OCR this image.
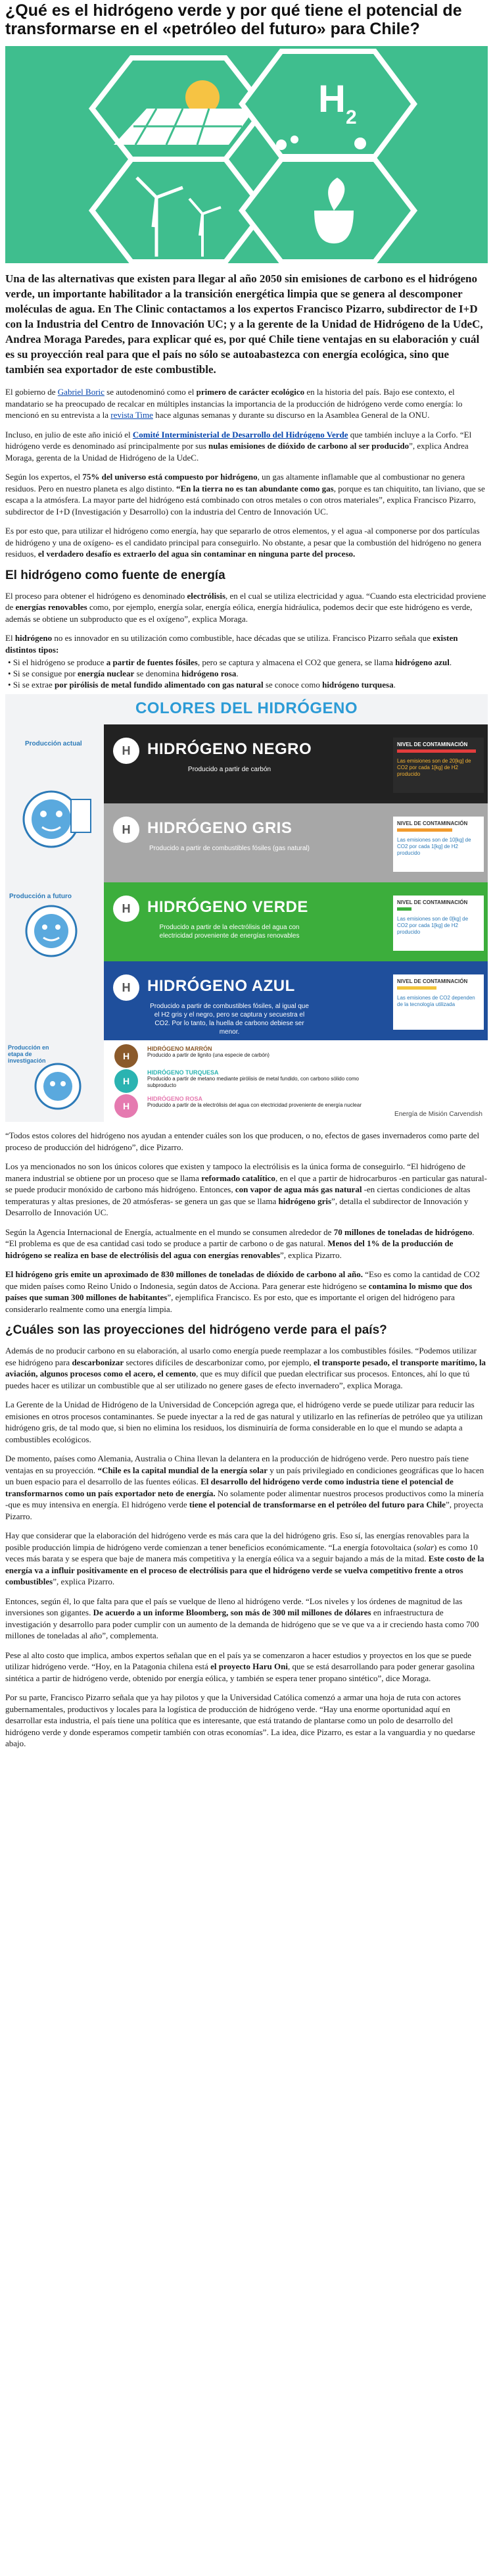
¿Qué es el hidrógeno verde y por qué tiene el potencial de transformarse en el «petróleo del futuro» para Chile?
H 2

Una de las alternativas que existen para llegar al año 2050 sin emisiones de carbono es el hidrógeno verde, un importante habilitador a la transición energética limpia que se genera al descomponer moléculas de agua. En The Clinic contactamos a los expertos Francisco Pizarro, subdirector de I+D con la Industria del Centro de Innovación UC; y a la gerente de la Unidad de Hidrógeno de la UdeC, Andrea Moraga Paredes, para explicar qué es, por qué Chile tiene ventajas en su elaboración y cuál es su proyección real para que el país no sólo se autoabastezca con energía ecológica, sino que también sea exportador de este combustible.

El gobierno de Gabriel Boric se autodenominó como el primero de carácter ecológico en la historia del país. Bajo ese contexto, el mandatario se ha preocupado de recalcar en múltiples instancias la importancia de la producción de hidrógeno verde como energía: lo mencionó en su entrevista a la revista Time hace algunas semanas y durante su discurso en la Asamblea General de la ONU.

Incluso, en julio de este año inició el Comité Interministerial de Desarrollo del Hidrógeno Verde que también incluye a la Corfo. “El hidrógeno verde es denominado así principalmente por sus nulas emisiones de dióxido de carbono al ser producido”, explica Andrea Moraga, gerenta de la Unidad de Hidrógeno de la UdeC.

Según los expertos, el 75% del universo está compuesto por hidrógeno, un gas altamente inflamable que al combustionar no genera residuos. Pero en nuestro planeta es algo distinto. “En la tierra no es tan abundante como gas, porque es tan chiquitito, tan liviano, que se escapa a la atmósfera. La mayor parte del hidrógeno está combinado con otros metales o con otros materiales”, explica Francisco Pizarro, subdirector de I+D (Investigación y Desarrollo) con la industria del Centro de Innovación UC.

Es por esto que, para utilizar el hidrógeno como energía, hay que separarlo de otros elementos, y el agua -al componerse por dos partículas de hidrógeno y una de oxígeno- es el candidato principal para conseguirlo. No obstante, a pesar que la combustión del hidrógeno no genera residuos, el verdadero desafío es extraerlo del agua sin contaminar en ninguna parte del proceso.

El hidrógeno como fuente de energía

El proceso para obtener el hidrógeno es denominado electrólisis, en el cual se utiliza electricidad y agua. “Cuando esta electricidad proviene de energías renovables como, por ejemplo, energía solar, energía eólica, energía hidráulica, podemos decir que este hidrógeno es verde, además se obtiene un subproducto que es el oxígeno”, explica Moraga.

El hidrógeno no es innovador en su utilización como combustible, hace décadas que se utiliza. Francisco Pizarro señala que existen distintos tipos:

• Si el hidrógeno se produce a partir de fuentes fósiles, pero se captura y almacena el CO2 que genera, se llama hidrógeno azul.
• Si se consigue por energía nuclear se denomina hidrógeno rosa.
• Si se extrae por pirólisis de metal fundido alimentado con gas natural se conoce como hidrógeno turquesa.
COLORES DEL HIDRÓGENO
Producción actual
Producción a futuro
Producción en etapa de investigación
H	HIDRÓGENO NEGRO
Producido a partir de carbón
NIVEL DE CONTAMINACIÓN
Las emisiones son de 20[kg] de CO2 por cada 1[kg] de H2 producido
H	HIDRÓGENO GRIS
Producido a partir de combustibles fósiles (gas natural)
NIVEL DE CONTAMINACIÓN
Las emisiones son de 10[kg] de CO2 por cada 1[kg] de H2 producido
H	HIDRÓGENO VERDE
Producido a partir de la electrólisis del agua con electricidad proveniente de energías renovables
NIVEL DE CONTAMINACIÓN
Las emisiones son de 0[kg] de CO2 por cada 1[kg] de H2 producido
H	HIDRÓGENO AZUL
Producido a partir de combustibles fósiles, al igual que el H2 gris y el negro, pero se captura y secuestra el CO2. Por lo tanto, la huella de carbono debiese ser menor.
NIVEL DE CONTAMINACIÓN
Las emisiones de CO2 dependen de la tecnología utilizada
H
HIDRÓGENO MARRÓN
Producido a partir de lignito (una especie de carbón)
H
HIDRÓGENO TURQUESA
Producido a partir de metano mediante pirólisis de metal fundido, con carbono sólido como subproducto
H
HIDRÓGENO ROSA
Producido a partir de la electrólisis del agua con electricidad proveniente de energía nuclear
Energía de Misión Carvendish

“Todos estos colores del hidrógeno nos ayudan a entender cuáles son los que producen, o no, efectos de gases invernaderos como parte del proceso de producción del hidrógeno”, dice Pizarro.

Los ya mencionados no son los únicos colores que existen y tampoco la electrólisis es la única forma de conseguirlo. “El hidrógeno de manera industrial se obtiene por un proceso que se llama reformado catalítico, en el que a partir de hidrocarburos -en particular gas natural- se puede producir monóxido de carbono más hidrógeno. Entonces, con vapor de agua más gas natural -en ciertas condiciones de altas temperaturas y altas presiones, de 20 atmósferas- se genera un gas que se llama hidrógeno gris”, detalla el subdirector de Innovación y Desarrollo de Innovación UC.

Según la Agencia Internacional de Energía, actualmente en el mundo se consumen alrededor de 70 millones de toneladas de hidrógeno. “El problema es que de esa cantidad casi todo se produce a partir de carbono o de gas natural. Menos del 1% de la producción de hidrógeno se realiza en base de electrólisis del agua con energías renovables”, explica Pizarro.

El hidrógeno gris emite un aproximado de 830 millones de toneladas de dióxido de carbono al año. “Eso es como la cantidad de CO2 que miden países como Reino Unido o Indonesia, según datos de Acciona. Para generar este hidrógeno se contamina lo mismo que dos países que suman 300 millones de habitantes”, ejemplifica Francisco. Es por esto, que es importante el origen del hidrógeno para considerarlo realmente como una energía limpia.

¿Cuáles son las proyecciones del hidrógeno verde para el país?

Además de no producir carbono en su elaboración, al usarlo como energía puede reemplazar a los combustibles fósiles. “Podemos utilizar ese hidrógeno para descarbonizar sectores difíciles de descarbonizar como, por ejemplo, el transporte pesado, el transporte marítimo, la aviación, algunos procesos como el acero, el cemento, que es muy difícil que puedan electrificar sus procesos. Entonces, ahí lo que tú puedes hacer es utilizar un combustible que al ser utilizado no genere gases de efecto invernadero”, explica Moraga.

La Gerente de la Unidad de Hidrógeno de la Universidad de Concepción agrega que, el hidrógeno verde se puede utilizar para reducir las emisiones en otros procesos contaminantes. Se puede inyectar a la red de gas natural y utilizarlo en las refinerías de petróleo que ya utilizan hidrógeno gris, de tal modo que, si bien no elimina los residuos, los disminuiría de forma considerable en lo que el mundo se adapta a combustibles ecológicos.

De momento, países como Alemania, Australia o China llevan la delantera en la producción de hidrógeno verde. Pero nuestro país tiene ventajas en su proyección. “Chile es la capital mundial de la energía solar y un país privilegiado en condiciones geográficas que lo hacen un buen espacio para el desarrollo de las fuentes eólicas. El desarrollo del hidrógeno verde como industria tiene el potencial de transformarnos como un país exportador neto de energía. No solamente poder alimentar nuestros procesos productivos como la minería -que es muy intensiva en energía. El hidrógeno verde tiene el potencial de transformarse en el petróleo del futuro para Chile”, proyecta Pizarro.

Hay que considerar que la elaboración del hidrógeno verde es más cara que la del hidrógeno gris. Eso sí, las energías renovables para la posible producción limpia de hidrógeno verde comienzan a tener beneficios económicamente. “La energía fotovoltaica (solar) es como 10 veces más barata y se espera que baje de manera más competitiva y la energía eólica va a seguir bajando a más de la mitad. Este costo de la energía va a influir positivamente en el proceso de electrólisis para que el hidrógeno verde se vuelva competitivo frente a otros combustibles”, explica Pizarro.

Entonces, según él, lo que falta para que el país se vuelque de lleno al hidrógeno verde. “Los niveles y los órdenes de magnitud de las inversiones son gigantes. De acuerdo a un informe Bloomberg, son más de 300 mil millones de dólares en infraestructura de investigación y desarrollo para poder cumplir con un aumento de la demanda de hidrógeno que se ve que va a ir creciendo hasta como 700 millones de toneladas al año”, complementa.

Pese al alto costo que implica, ambos expertos señalan que en el país ya se comenzaron a hacer estudios y proyectos en los que se puede utilizar hidrógeno verde. “Hoy, en la Patagonia chilena está el proyecto Haru Oni, que se está desarrollando para poder generar gasolina sintética a partir de hidrógeno verde, obtenido por energía eólica, y también se espera tener propano sintético”, dice Moraga.

Por su parte, Francisco Pizarro señala que ya hay pilotos y que la Universidad Católica comenzó a armar una hoja de ruta con actores gubernamentales, productivos y locales para la logística de producción de hidrógeno verde. “Hay una enorme oportunidad aquí en desarrollar esta industria, el país tiene una política que es interesante, que está tratando de plantarse como un polo de desarrollo del hidrógeno verde y donde esperamos competir también con otras economías”. La idea, dice Pizarro, es estar a la vanguardia y no quedarse abajo.
